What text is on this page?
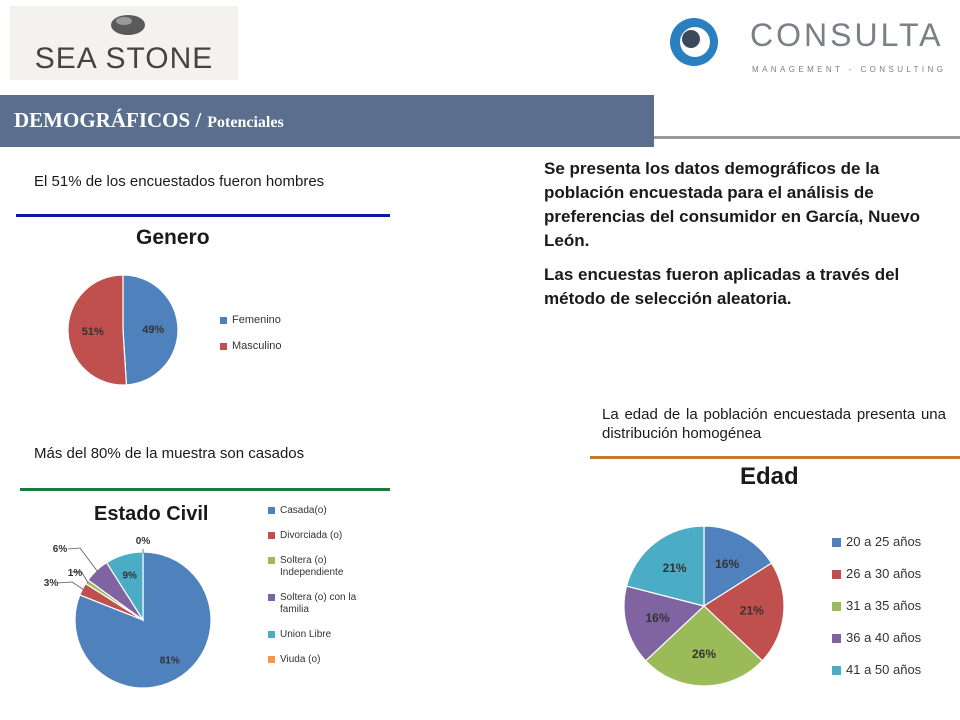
SEA STONE
CONSULTA
MANAGEMENT - CONSULTING
DEMOGRÁFICOS / Potenciales
El 51% de los encuestados fueron hombres
Más del 80% de la muestra son casados
La edad de la población encuestada presenta una distribución homogénea

Se presenta los datos demográficos de la población encuestada para el análisis de preferencias del consumidor en García, Nuevo León.

Las encuestas fueron aplicadas a través del método de selección aleatoria.

Genero
49%
51%
Femenino
Masculino
Estado Civil
81%
3%
1%
6%
9%
0%
Casada(o)
Divorciada (o)
Soltera (o) Independiente
Soltera (o) con la familia
Union Libre
Viuda (o)
Edad
16%
21%
26%
16%
21%
20 a 25 años
26 a 30 años
31 a 35 años
36 a 40 años
41 a 50 años
